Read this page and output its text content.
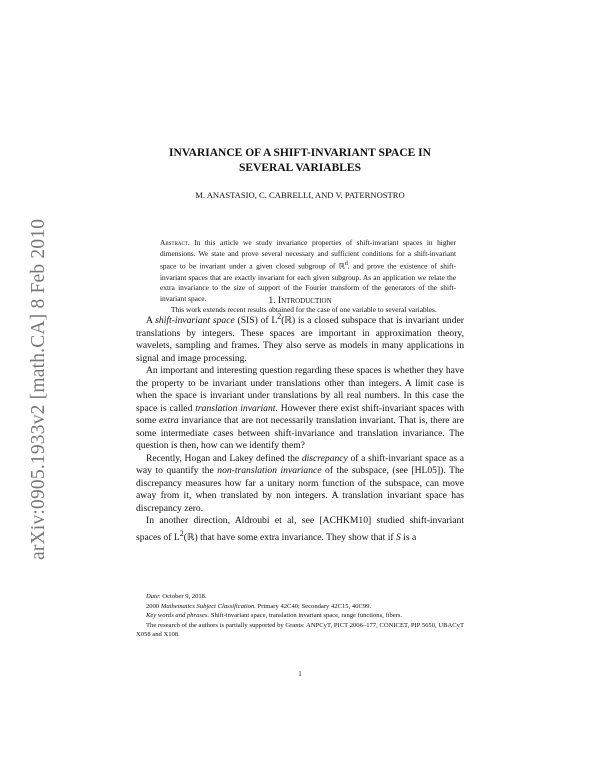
arXiv:0905.1933v2 [math.CA] 8 Feb 2010
INVARIANCE OF A SHIFT-INVARIANT SPACE IN
SEVERAL VARIABLES
M. ANASTASIO, C. CABRELLI, AND V. PATERNOSTRO

Abstract. In this article we study invariance properties of shift-invariant spaces in higher dimensions. We state and prove several necessary and sufficient conditions for a shift-invariant space to be invariant under a given closed subgroup of ℝ$^d$, and prove the existence of shift-invariant spaces that are exactly invariant for each given subgroup. As an application we relate the extra invariance to the size of support of the Fourier transform of the generators of the shift-invariant space.

This work extends recent results obtained for the case of one variable to several variables.

1. Introduction

A shift-invariant space (SIS) of $L^2(ℝ)$ is a closed subspace that is invariant under translations by integers. These spaces are important in approximation theory, wavelets, sampling and frames. They also serve as models in many applications in signal and image processing.

An important and interesting question regarding these spaces is whether they have the property to be invariant under translations other than integers. A limit case is when the space is invariant under translations by all real numbers. In this case the space is called translation invariant. However there exist shift-invariant spaces with some extra invariance that are not necessarily translation invariant. That is, there are some intermediate cases between shift-invariance and translation invariance. The question is then, how can we identify them?

Recently, Hogan and Lakey defined the discrepancy of a shift-invariant space as a way to quantify the non-translation invariance of the subspace, (see [HL05]). The discrepancy measures how far a unitary norm function of the subspace, can move away from it, when translated by non integers. A translation invariant space has discrepancy zero.

In another direction, Aldroubi et al, see [ACHKM10] studied shift-invariant spaces of $L^2(ℝ)$ that have some extra invariance. They show that if S is a

Date: October 9, 2018.

2000 Mathematics Subject Classification. Primary 42C40; Secondary 42C15, 46C99.

Key words and phrases. Shift-invariant space, translation invariant space, range functions, fibers.

The research of the authors is partially supported by Grants: ANPCyT, PICT 2006–177, CONICET, PIP 5650, UBACyT X058 and X108.

1
